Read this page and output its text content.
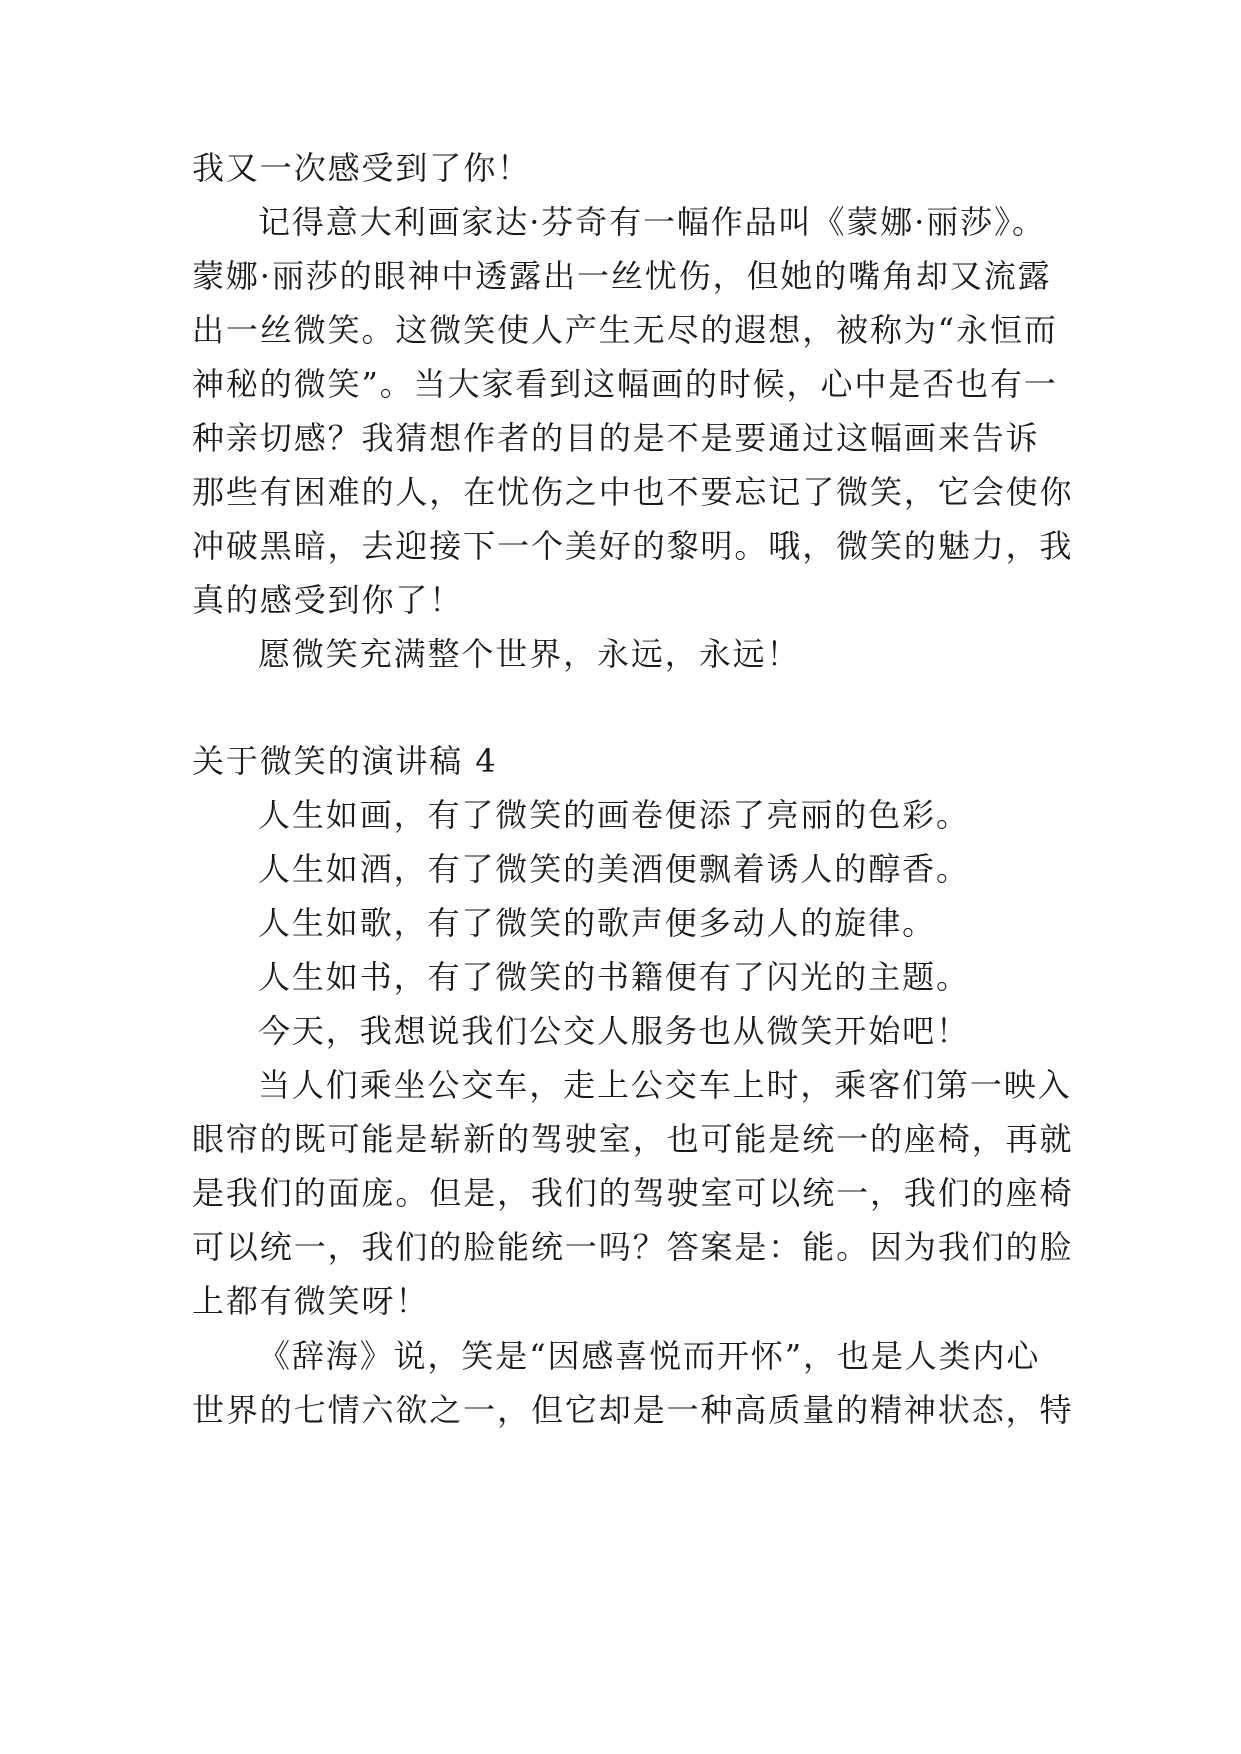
我又一次感受到了你！
记得意大利画家达·芬奇有一幅作品叫《蒙娜·丽莎》。
蒙娜·丽莎的眼神中透露出一丝忧伤，但她的嘴角却又流露
出一丝微笑。这微笑使人产生无尽的遐想，被称为“永恒而
神秘的微笑”。当大家看到这幅画的时候，心中是否也有一
种亲切感？我猜想作者的目的是不是要通过这幅画来告诉
那些有困难的人，在忧伤之中也不要忘记了微笑，它会使你
冲破黑暗，去迎接下一个美好的黎明。哦，微笑的魅力，我
真的感受到你了！
愿微笑充满整个世界，永远，永远！
关于微笑的演讲稿 4
人生如画，有了微笑的画卷便添了亮丽的色彩。
人生如酒，有了微笑的美酒便飘着诱人的醇香。
人生如歌，有了微笑的歌声便多动人的旋律。
人生如书，有了微笑的书籍便有了闪光的主题。
今天，我想说我们公交人服务也从微笑开始吧！
当人们乘坐公交车，走上公交车上时，乘客们第一映入
眼帘的既可能是崭新的驾驶室，也可能是统一的座椅，再就
是我们的面庞。但是，我们的驾驶室可以统一，我们的座椅
可以统一，我们的脸能统一吗？答案是：能。因为我们的脸
上都有微笑呀！
《辞海》说，笑是“因感喜悦而开怀”，也是人类内心
世界的七情六欲之一，但它却是一种高质量的精神状态，特
